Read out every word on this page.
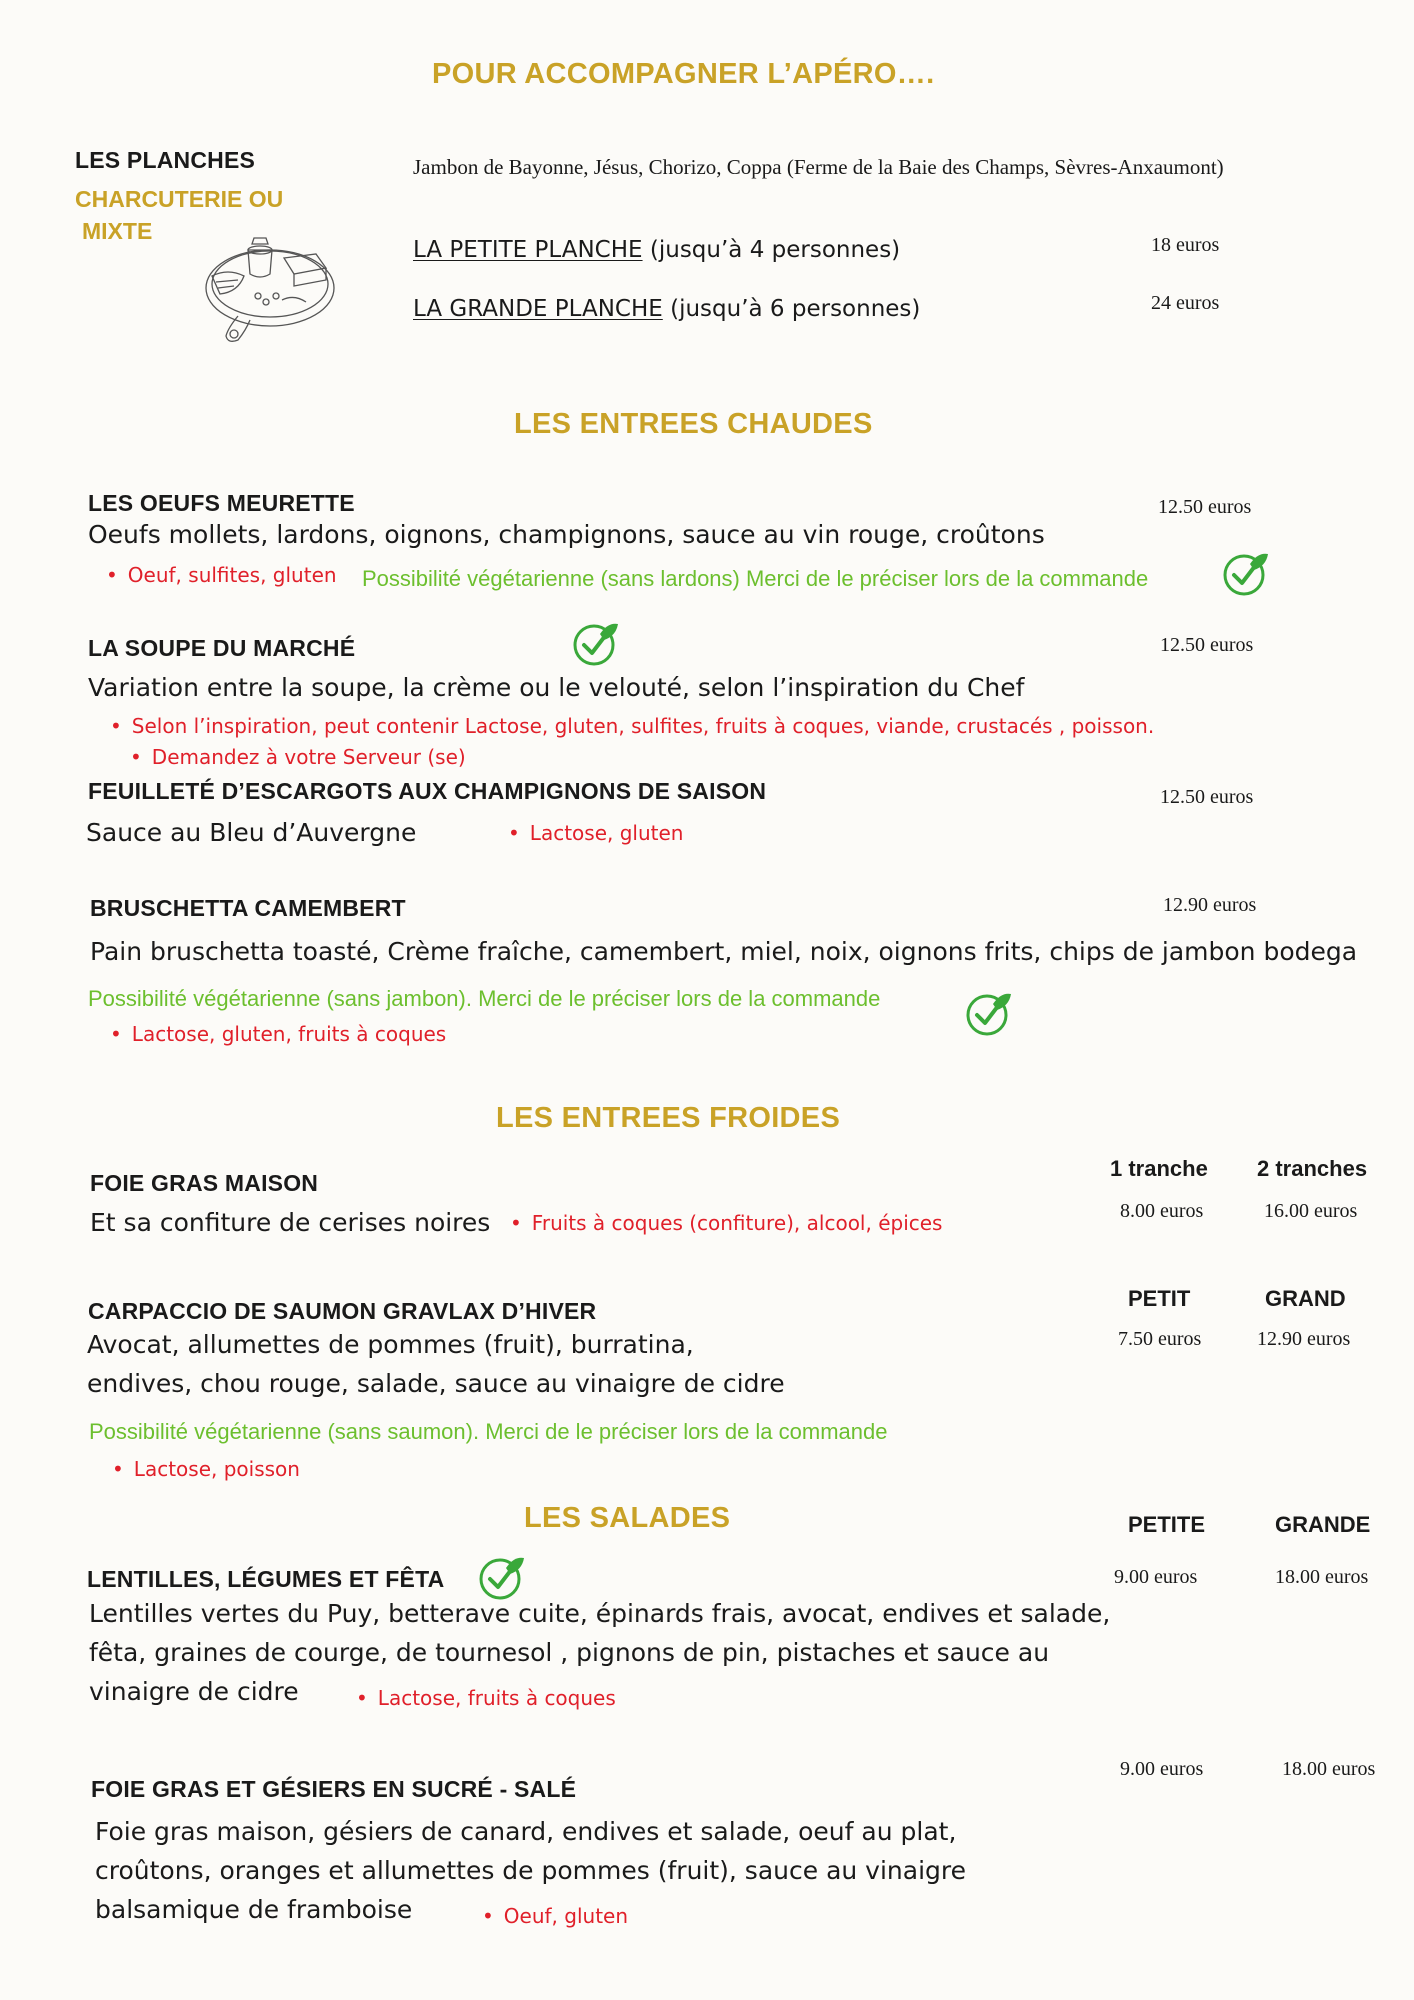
POUR ACCOMPAGNER L’APÉRO….
LES PLANCHES
CHARCUTERIE OU
MIXTE
Jambon de Bayonne, Jésus, Chorizo, Coppa (Ferme de la Baie des Champs, Sèvres-Anxaumont)
LA PETITE PLANCHE (jusqu’à 4 personnes)	18 euros
LA GRANDE PLANCHE (jusqu’à 6 personnes)	24 euros
LES ENTREES CHAUDES
LES OEUFS MEURETTE	12.50 euros
Oeufs mollets, lardons, oignons, champignons, sauce au vin rouge, croûtons
• Oeuf, sulfites, gluten Possibilité végétarienne (sans lardons) Merci de le préciser lors de la commande
LA SOUPE DU MARCHÉ	12.50 euros
Variation entre la soupe, la crème ou le velouté, selon l’inspiration du Chef
• Selon l’inspiration, peut contenir Lactose, gluten, sulfites, fruits à coques, viande, crustacés , poisson.
• Demandez à votre Serveur (se)
FEUILLETÉ D’ESCARGOTS AUX CHAMPIGNONS DE SAISON	12.50 euros
Sauce au Bleu d’Auvergne	• Lactose, gluten
BRUSCHETTA CAMEMBERT	12.90 euros
Pain bruschetta toasté, Crème fraîche, camembert, miel, noix, oignons frits, chips de jambon bodega
Possibilité végétarienne (sans jambon). Merci de le préciser lors de la commande
• Lactose, gluten, fruits à coques
LES ENTREES FROIDES
FOIE GRAS MAISON
1 tranche 2 tranches
8.00 euros	16.00 euros
Et sa confiture de cerises noires	• Fruits à coques (confiture), alcool, épices
CARPACCIO DE SAUMON GRAVLAX D’HIVER	PETIT	GRAND
7.50 euros	12.90 euros
Avocat, allumettes de pommes (fruit), burratina,
endives, chou rouge, salade, sauce au vinaigre de cidre
Possibilité végétarienne (sans saumon). Merci de le préciser lors de la commande
• Lactose, poisson
LES SALADES	PETITE	GRANDE
LENTILLES, LÉGUMES ET FÊTA	9.00 euros	18.00 euros
Lentilles vertes du Puy, betterave cuite, épinards frais, avocat, endives et salade,
fêta, graines de courge, de tournesol , pignons de pin, pistaches et sauce au
vinaigre de cidre	• Lactose, fruits à coques
9.00 euros	18.00 euros
FOIE GRAS ET GÉSIERS EN SUCRÉ - SALÉ
Foie gras maison, gésiers de canard, endives et salade, oeuf au plat,
croûtons, oranges et allumettes de pommes (fruit), sauce au vinaigre
balsamique de framboise	• Oeuf, gluten
